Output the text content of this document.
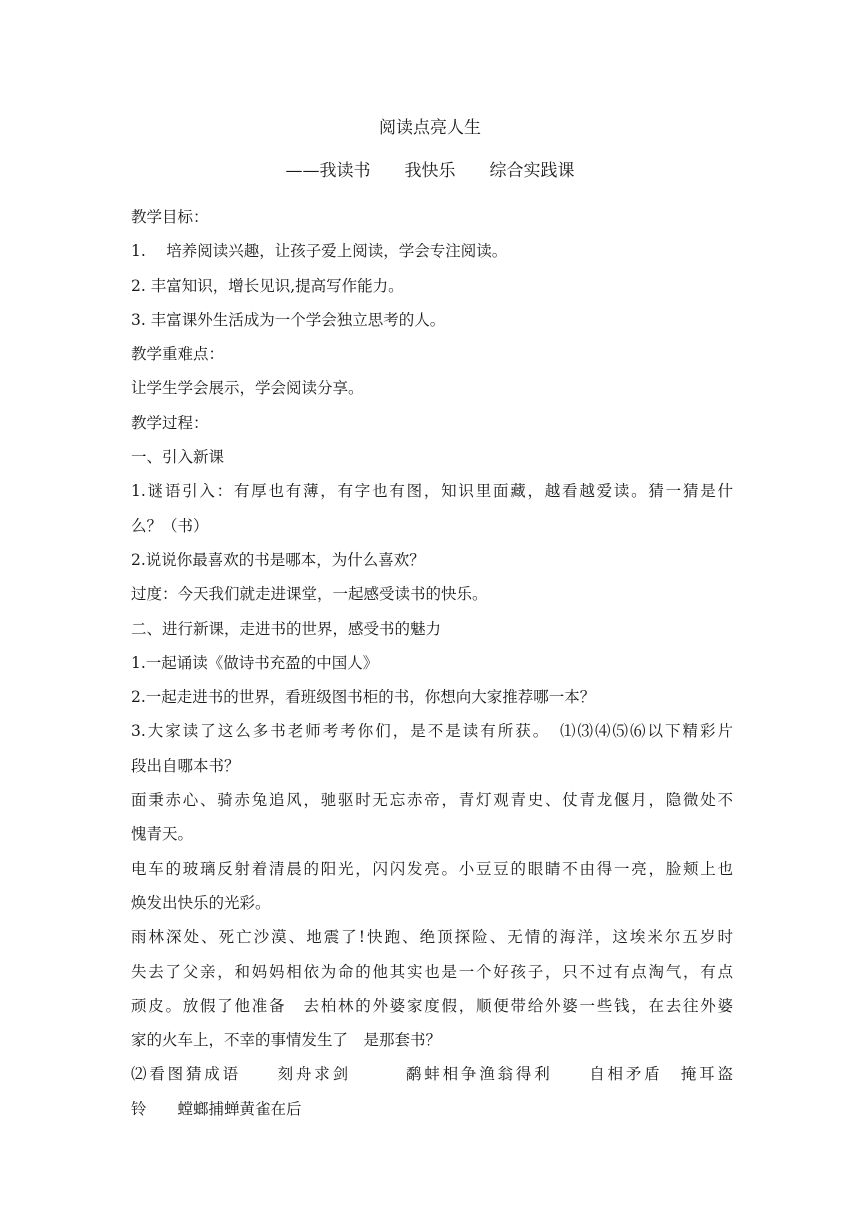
阅读点亮人生
——我读书　　我快乐　　综合实践课
教学目标：
1.　 培养阅读兴趣，让孩子爱上阅读，学会专注阅读。
2. 丰富知识，增长见识,提高写作能力。
3. 丰富课外生活成为一个学会独立思考的人。
教学重难点：
让学生学会展示，学会阅读分享。
教学过程：
一、引入新课
1.谜语引入：有厚也有薄，有字也有图，知识里面藏，越看越爱读。猜一猜是什
么？（书）
2.说说你最喜欢的书是哪本，为什么喜欢？
过度：今天我们就走进课堂，一起感受读书的快乐。
二、进行新课，走进书的世界，感受书的魅力
1.一起诵读《做诗书充盈的中国人》
2.一起走进书的世界，看班级图书柜的书，你想向大家推荐哪一本？
3.大家读了这么多书老师考考你们，是不是读有所获。　⑴⑶⑷⑸⑹以下精彩片
段出自哪本书？
面秉赤心、骑赤兔追风，驰驱时无忘赤帝，青灯观青史、仗青龙偃月，隐微处不
愧青天。
电车的玻璃反射着清晨的阳光，闪闪发亮。小豆豆的眼睛不由得一亮，脸颊上也
焕发出快乐的光彩。
雨林深处、死亡沙漠、地震了!快跑、绝顶探险、无情的海洋，这埃米尔五岁时
失去了父亲，和妈妈相依为命的他其实也是一个好孩子，只不过有点淘气，有点
顽皮。放假了他准备　去柏林的外婆家度假，顺便带给外婆一些钱，在去往外婆
家的火车上，不幸的事情发生了　是那套书？
⑵看图猜成语　　刻舟求剑　　　鹬蚌相争渔翁得利　　自相矛盾　掩耳盗
铃　　螳螂捕蝉黄雀在后
